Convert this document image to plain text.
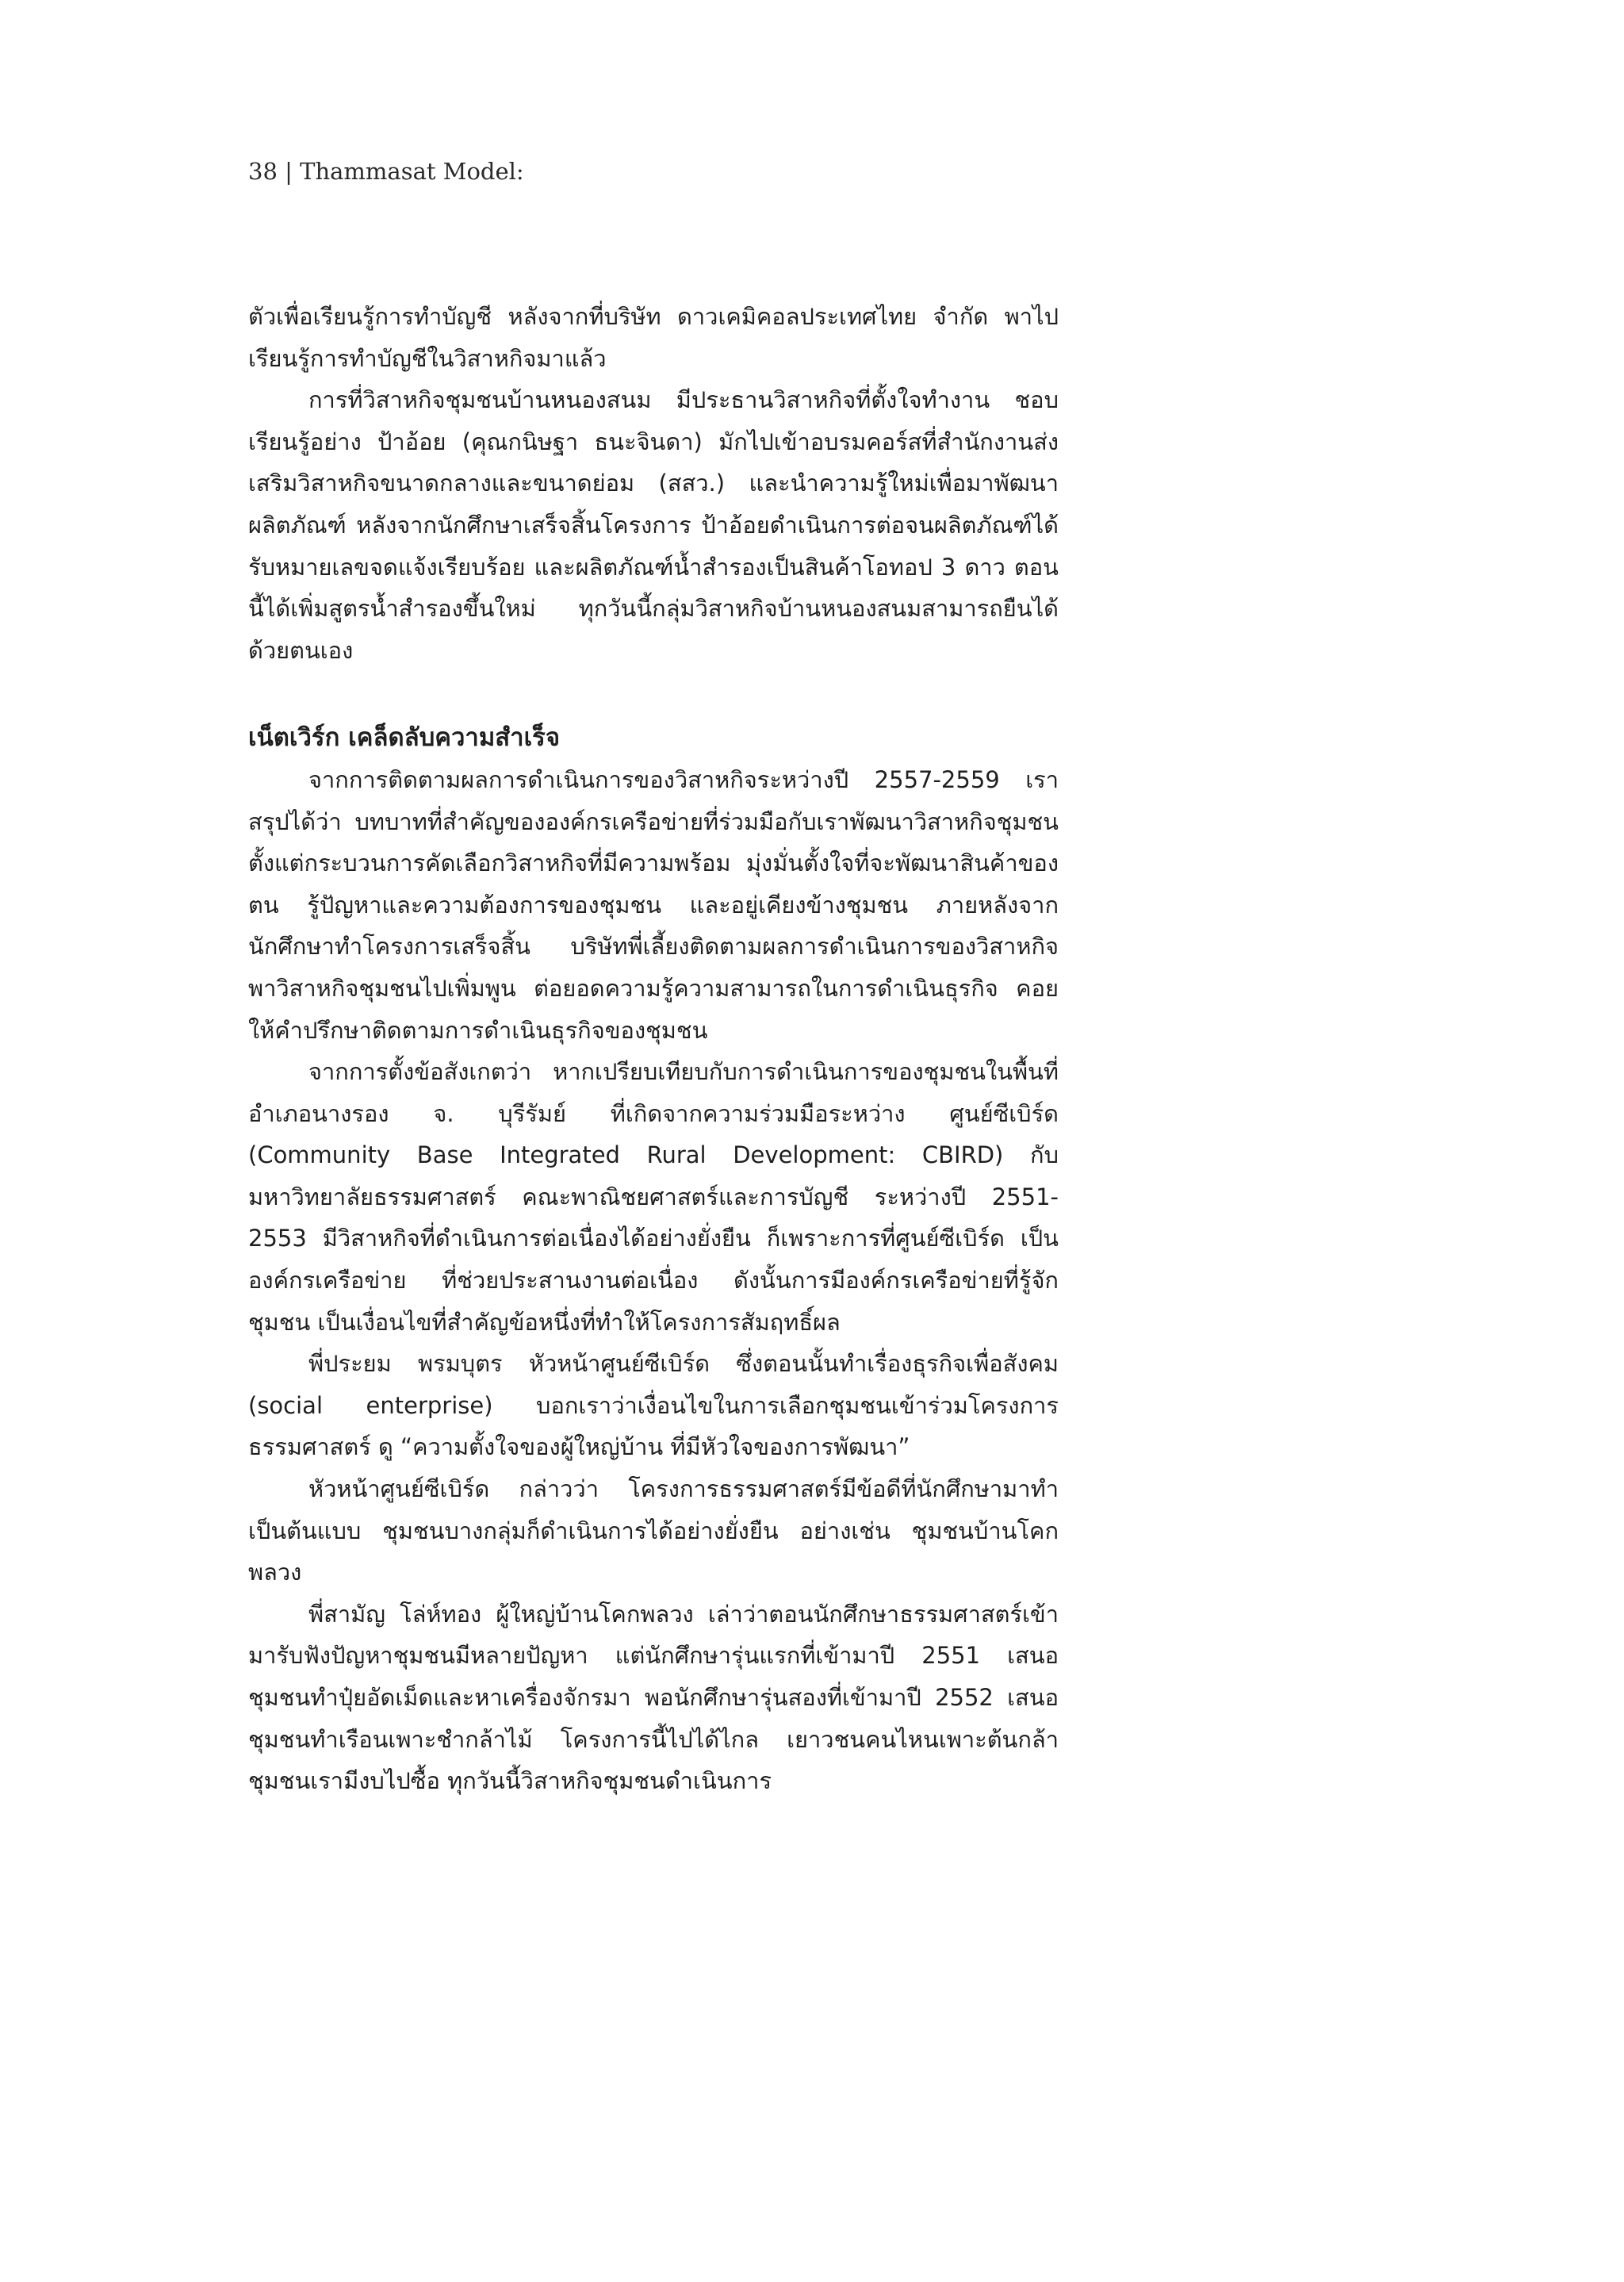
38 | Thammasat Model:

ตัวเพื่อเรียนรู้การทำบัญชี หลังจากที่บริษัท ดาวเคมิคอลประเทศไทย จำกัด พาไปเรียนรู้การทำบัญชีในวิสาหกิจมาแล้ว

การที่วิสาหกิจชุมชนบ้านหนองสนม มีประธานวิสาหกิจที่ตั้งใจทำงาน ชอบเรียนรู้อย่าง ป้าอ้อย (คุณกนิษฐา ธนะจินดา) มักไปเข้าอบรมคอร์สที่สำนักงานส่งเสริมวิสาหกิจขนาดกลางและขนาดย่อม (สสว.) และนำความรู้ใหม่เพื่อมาพัฒนาผลิตภัณฑ์ หลังจากนักศึกษาเสร็จสิ้นโครงการ ป้าอ้อยดำเนินการต่อจนผลิตภัณฑ์ได้รับหมายเลขจดแจ้งเรียบร้อย และผลิตภัณฑ์น้ำสำรองเป็นสินค้าโอทอป 3 ดาว ตอนนี้ได้เพิ่มสูตรน้ำสำรองขึ้นใหม่ ทุกวันนี้กลุ่มวิสาหกิจบ้านหนองสนมสามารถยืนได้ด้วยตนเอง

เน็ตเวิร์ก เคล็ดลับความสำเร็จ

จากการติดตามผลการดำเนินการของวิสาหกิจระหว่างปี 2557-2559 เราสรุปได้ว่า บทบาทที่สำคัญขององค์กรเครือข่ายที่ร่วมมือกับเราพัฒนาวิสาหกิจชุมชน ตั้งแต่กระบวนการคัดเลือกวิสาหกิจที่มีความพร้อม มุ่งมั่นตั้งใจที่จะพัฒนาสินค้าของตน รู้ปัญหาและความต้องการของชุมชน และอยู่เคียงข้างชุมชน ภายหลังจากนักศึกษาทำโครงการเสร็จสิ้น บริษัทพี่เลี้ยงติดตามผลการดำเนินการของวิสาหกิจ พาวิสาหกิจชุมชนไปเพิ่มพูน ต่อยอดความรู้ความสามารถในการดำเนินธุรกิจ คอยให้คำปรึกษาติดตามการดำเนินธุรกิจของชุมชน

จากการตั้งข้อสังเกตว่า หากเปรียบเทียบกับการดำเนินการของชุมชนในพื้นที่อำเภอนางรอง จ. บุรีรัมย์ ที่เกิดจากความร่วมมือระหว่าง ศูนย์ซีเบิร์ด (Community Base Integrated Rural Development: CBIRD) กับมหาวิทยาลัยธรรมศาสตร์ คณะพาณิชยศาสตร์และการบัญชี ระหว่างปี 2551-2553 มีวิสาหกิจที่ดำเนินการต่อเนื่องได้อย่างยั่งยืน ก็เพราะการที่ศูนย์ซีเบิร์ด เป็นองค์กรเครือข่าย ที่ช่วยประสานงานต่อเนื่อง ดังนั้นการมีองค์กรเครือข่ายที่รู้จักชุมชน เป็นเงื่อนไขที่สำคัญข้อหนึ่งที่ทำให้โครงการสัมฤทธิ์ผล

พี่ประยม พรมบุตร หัวหน้าศูนย์ซีเบิร์ด ซึ่งตอนนั้นทำเรื่องธุรกิจเพื่อสังคม (social enterprise) บอกเราว่าเงื่อนไขในการเลือกชุมชนเข้าร่วมโครงการธรรมศาสตร์ ดู “ความตั้งใจของผู้ใหญ่บ้าน ที่มีหัวใจของการพัฒนา”

หัวหน้าศูนย์ซีเบิร์ด กล่าวว่า โครงการธรรมศาสตร์มีข้อดีที่นักศึกษามาทำเป็นต้นแบบ ชุมชนบางกลุ่มก็ดำเนินการได้อย่างยั่งยืน อย่างเช่น ชุมชนบ้านโคกพลวง

พี่สามัญ โล่ห์ทอง ผู้ใหญ่บ้านโคกพลวง เล่าว่าตอนนักศึกษาธรรมศาสตร์เข้ามารับฟังปัญหาชุมชนมีหลายปัญหา แต่นักศึกษารุ่นแรกที่เข้ามาปี 2551 เสนอชุมชนทำปุ๋ยอัดเม็ดและหาเครื่องจักรมา พอนักศึกษารุ่นสองที่เข้ามาปี 2552 เสนอชุมชนทำเรือนเพาะชำกล้าไม้ โครงการนี้ไปได้ไกล เยาวชนคนไหนเพาะต้นกล้า ชุมชนเรามีงบไปซื้อ ทุกวันนี้วิสาหกิจชุมชนดำเนินการ
